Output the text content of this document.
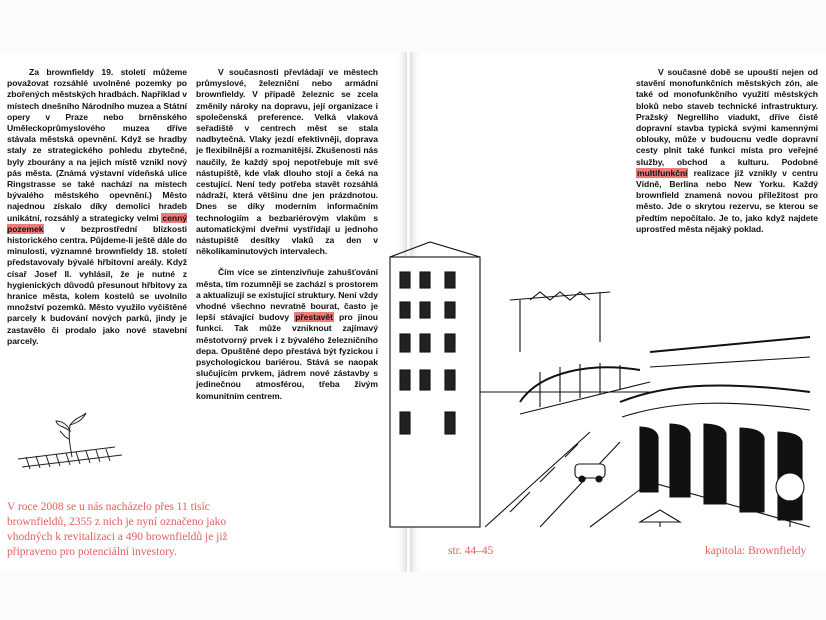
Za brownfieldy 19. století můžeme považovat rozsáhlé uvolněné pozemky po zbořených městských hradbách. Například v místech dnešního Národního muzea a Státní opery v Praze nebo brněnského Uměleckoprůmyslového muzea dříve stávala městská opevnění. Když se hradby staly ze strategického pohledu zbytečné, byly zbourány a na jejich místě vznikl nový pás města. (Známá výstavní vídeňská ulice Ringstrasse se také nachází na místech bývalého městského opevnění.) Město najednou získalo díky demolici hradeb unikátní, rozsáhlý a strategicky velmi cenný pozemek v bezprostřední blízkosti historického centra. Půjdeme-li ještě dále do minulosti, významné brownfieldy 18. století představovaly bývalé hřbitovní areály. Když císař Josef II. vyhlásil, že je nutné z hygienických důvodů přesunout hřbitovy za hranice města, kolem kostelů se uvolnilo množství pozemků. Město využilo vyčištěné parcely k budování nových parků, jindy je zastavělo či prodalo jako nové stavební parcely.

V současnosti převládají ve městech průmyslové, železniční nebo armádní brownfieldy. V případě železnic se zcela změnily nároky na dopravu, její organizace i společenská preference. Velká vlaková seřadiště v centrech měst se stala nadbytečná. Vlaky jezdí efektivněji, doprava je flexibilnější a rozmanitější. Zkušenosti nás naučily, že každý spoj nepotřebuje mít své nástupiště, kde vlak dlouho stojí a čeká na cestující. Není tedy potřeba stavět rozsáhlá nádraží, která většinu dne jen prázdnotou. Dnes se díky moderním informačním technologiím a bezbariérovým vlakům s automatickými dveřmi vystřídají u jednoho nástupiště desítky vlaků za den v několikaminutových intervalech.

Čím více se zintenzivňuje zahušťování města, tím rozumněji se zachází s prostorem a aktualizují se existující struktury. Není vždy vhodné všechno nevratně bourat, často je lepší stávající budovy přestavět pro jinou funkci. Tak může vzniknout zajímavý městotvorný prvek i z bývalého železničního depa. Opuštěné depo přestává být fyzickou i psychologickou bariérou. Stává se naopak slučujícím prvkem, jádrem nové zástavby s jedinečnou atmosférou, třeba živým komunitním centrem.

V roce 2008 se u nás nacházelo přes 11 tisíc brownfieldů, 2355 z nich je nyní označeno jako vhodných k revitalizaci a 490 brownfieldů je již připraveno pro potenciální investory.

V současné době se upouští nejen od stavění monofunkčních městských zón, ale také od monofunkčního využití městských bloků nebo staveb technické infrastruktury. Pražský Negrelliho viadukt, dříve čistě dopravní stavba typická svými kamennými oblouky, může v budoucnu vedle dopravní cesty plnit také funkci místa pro veřejné služby, obchod a kulturu. Podobné multifunkční realizace již vznikly v centru Vídně, Berlína nebo New Yorku. Každý brownfield znamená novou příležitost pro město. Jde o skrytou rezervu, se kterou se předtím nepočítalo. Je to, jako když najdete uprostřed města nějaký poklad.

str. 44–45	kapitola: Brownfieldy
